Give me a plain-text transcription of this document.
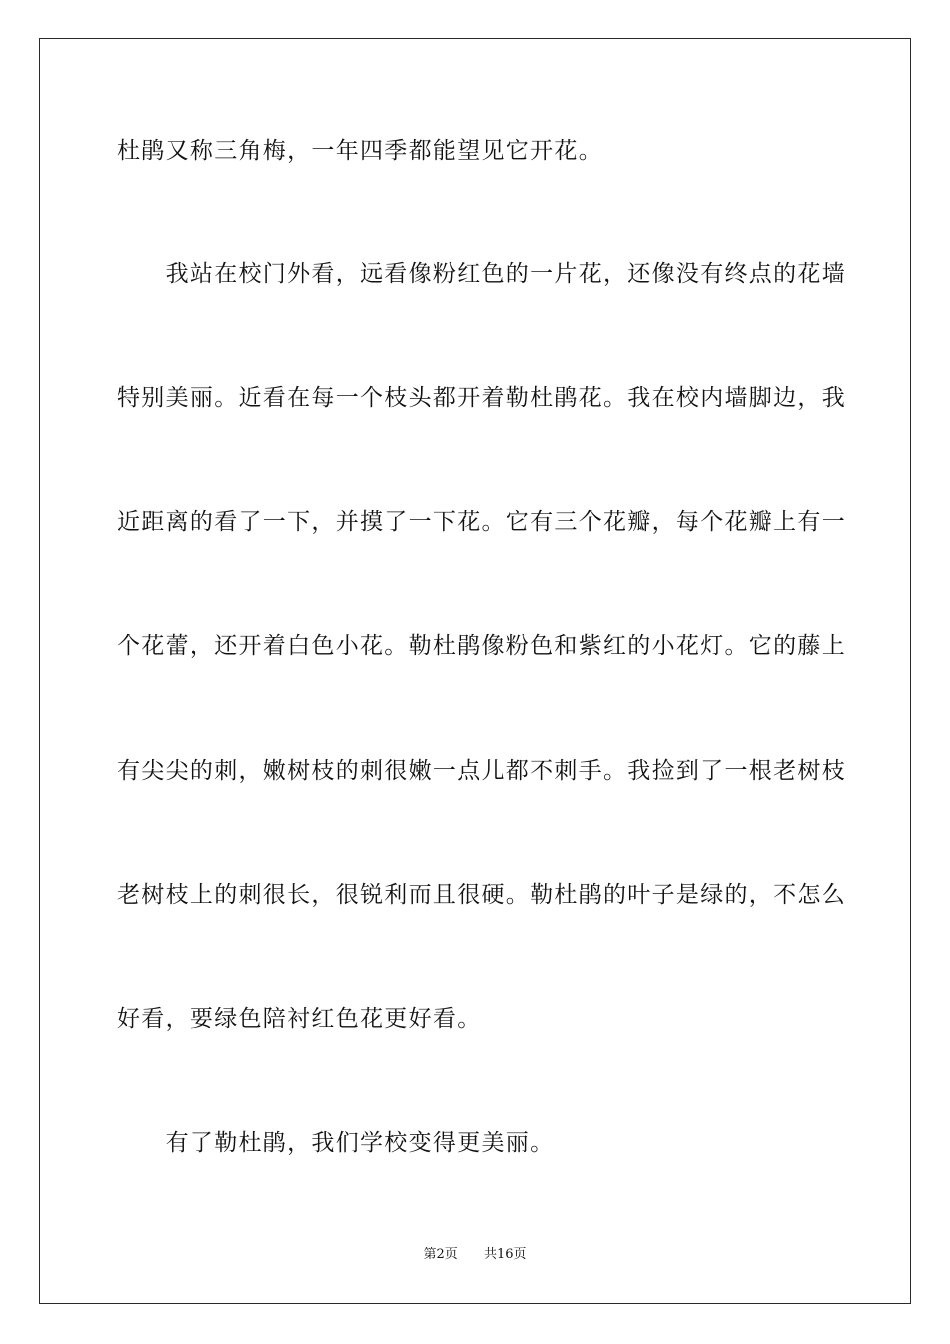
杜鹃又称三角梅，一年四季都能望见它开花。
　　我站在校门外看，远看像粉红色的一片花，还像没有终点的花墙
特别美丽。近看在每一个枝头都开着勒杜鹃花。我在校内墙脚边，我
近距离的看了一下，并摸了一下花。它有三个花瓣，每个花瓣上有一
个花蕾，还开着白色小花。勒杜鹃像粉色和紫红的小花灯。它的藤上
有尖尖的刺，嫩树枝的刺很嫩一点儿都不刺手。我捡到了一根老树枝
老树枝上的刺很长，很锐利而且很硬。勒杜鹃的叶子是绿的，不怎么
好看，要绿色陪衬红色花更好看。
　　有了勒杜鹃，我们学校变得更美丽。
第2页 共16页
